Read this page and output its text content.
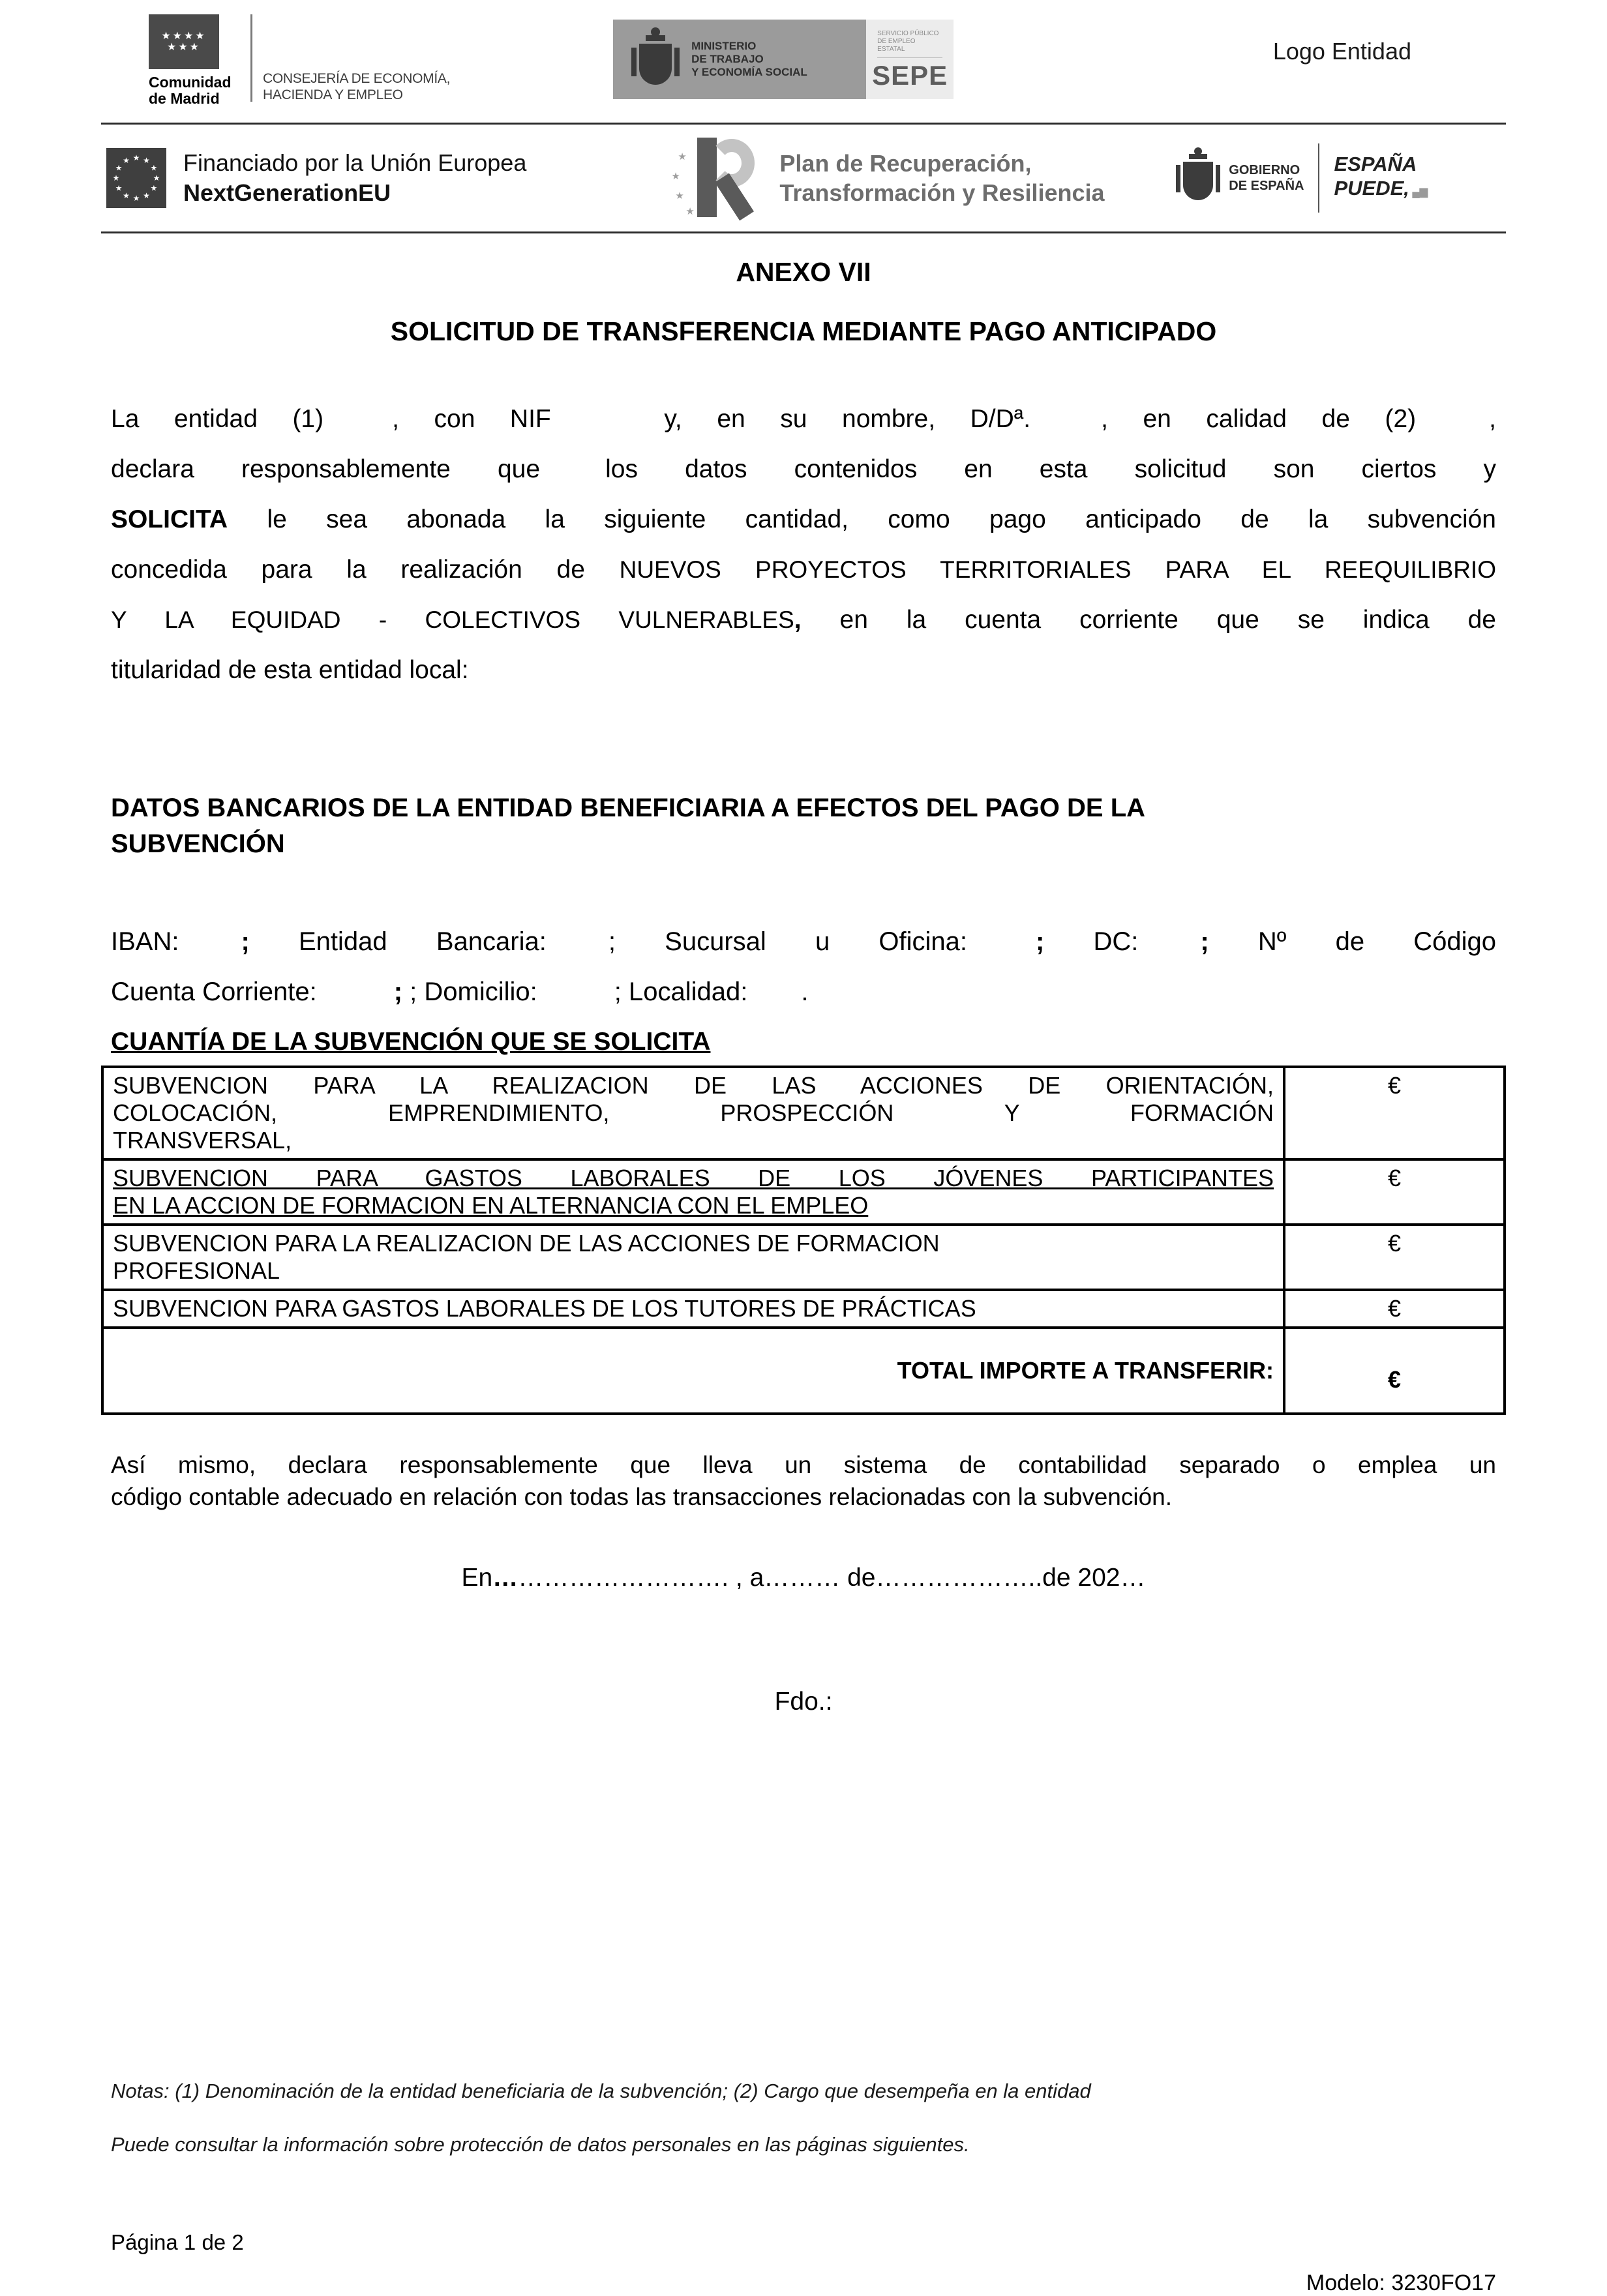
★★★★
★★★
Comunidad
de Madrid
CONSEJERÍA DE ECONOMÍA,
HACIENDA Y EMPLEO
MINISTERIO
DE TRABAJO
Y ECONOMÍA SOCIAL
SERVICIO PÚBLICO
DE EMPLEO ESTATAL
SEPE
Logo Entidad
★
★
★
★
★
★
★
★
★
★
★
★
Financiado por la Unión Europea
NextGenerationEU
★
★
★
★
Plan de Recuperación,
Transformación y Resiliencia
GOBIERNO
DE ESPAÑA
ESPAÑA
PUEDE, ▄▆
ANEXO VII
SOLICITUD DE TRANSFERENCIA MEDIANTE PAGO ANTICIPADO
La entidad (1)	, con NIF	y, en su nombre, D/Dª.	, en calidad de (2)	,
declara responsablemente que  los datos contenidos en esta solicitud son ciertos y
SOLICITA le sea abonada la siguiente cantidad, como pago anticipado de la subvención
concedida para la realización de NUEVOS PROYECTOS TERRITORIALES PARA EL REEQUILIBRIO
Y LA EQUIDAD - COLECTIVOS VULNERABLES, en la cuenta corriente que se indica de
titularidad de esta entidad local:
DATOS BANCARIOS DE LA ENTIDAD BENEFICIARIA A EFECTOS DEL PAGO DE LA
SUBVENCIÓN
IBAN: ; Entidad Bancaria: ; Sucursal u Oficina:	; DC: ; Nº de Código
Cuenta Corriente:	; ; Domicilio:	; Localidad: .
CUANTÍA DE LA SUBVENCIÓN QUE SE SOLICITA
SUBVENCION PARA LA REALIZACION DE LAS ACCIONES DE ORIENTACIÓN,
COLOCACIÓN, EMPRENDIMIENTO, PROSPECCIÓN Y FORMACIÓN
TRANSVERSAL,	€

SUBVENCION PARA GASTOS LABORALES DE LOS JÓVENES PARTICIPANTES
EN LA ACCION DE FORMACION EN ALTERNANCIA CON EL EMPLEO	€

SUBVENCION PARA LA REALIZACION DE LAS ACCIONES DE FORMACION
PROFESIONAL	€

SUBVENCION PARA GASTOS LABORALES DE LOS TUTORES DE PRÁCTICAS	€
TOTAL IMPORTE A TRANSFERIR:	€
Así mismo, declara responsablemente que lleva un sistema de contabilidad separado o emplea un
código contable adecuado en relación con todas las transacciones relacionadas con la subvención.
En………………………. , a……… de………………..de 202…
Fdo.:
Notas: (1) Denominación de la entidad beneficiaria de la subvención; (2) Cargo que desempeña en la entidad
Puede consultar la información sobre protección de datos personales en las páginas siguientes.
Página 1 de 2
Modelo: 3230FO17
